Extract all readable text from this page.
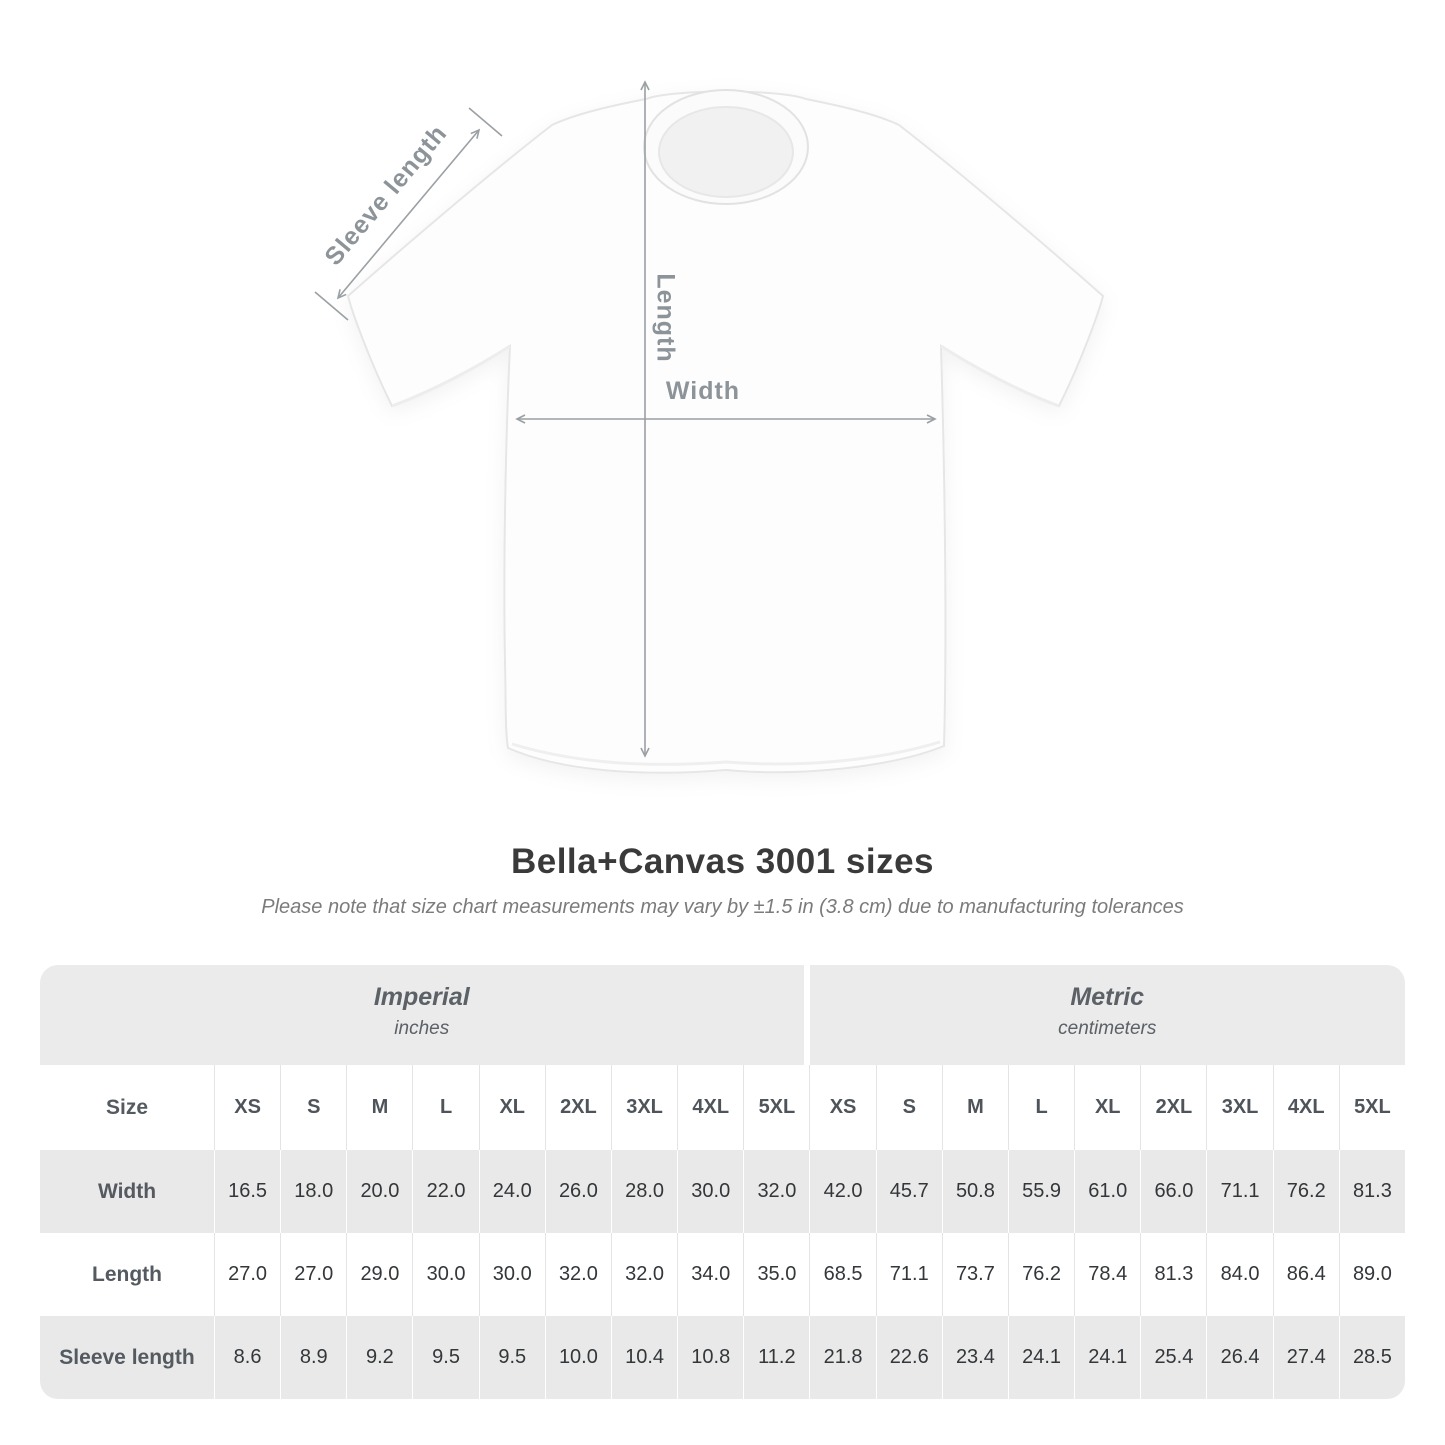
Length
Width
Sleeve length
Bella+Canvas 3001 sizes
Please note that size chart measurements may vary by ±1.5 in (3.8 cm) due to manufacturing tolerances
Imperial
inches
Metric
centimeters
Size	XS	S	M	L	XL	2XL	3XL	4XL	5XL	XS	S	M	L	XL	2XL	3XL	4XL	5XL
Width	16.5	18.0	20.0	22.0	24.0	26.0	28.0	30.0	32.0	42.0	45.7	50.8	55.9	61.0	66.0	71.1	76.2	81.3
Length	27.0	27.0	29.0	30.0	30.0	32.0	32.0	34.0	35.0	68.5	71.1	73.7	76.2	78.4	81.3	84.0	86.4	89.0
Sleeve length	8.6	8.9	9.2	9.5	9.5	10.0	10.4	10.8	11.2	21.8	22.6	23.4	24.1	24.1	25.4	26.4	27.4	28.5
